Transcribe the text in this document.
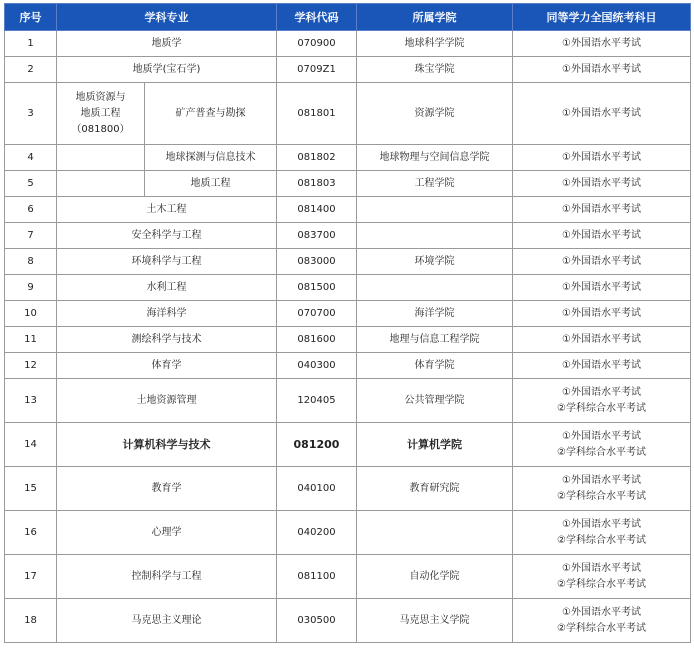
序号	学科专业		学科代码	所属学院	同等学力全国统考科目
1	地质学		070900	地球科学学院	①外国语水平考试
2	地质学(宝石学)		0709Z1	珠宝学院	①外国语水平考试
3	地质资源与
地质工程
（081800）	矿产普查与勘探	081801	资源学院	①外国语水平考试
4		地球探测与信息技术	081802	地球物理与空间信息学院	①外国语水平考试
5		地质工程	081803	工程学院	①外国语水平考试
6	土木工程		081400		①外国语水平考试
7	安全科学与工程		083700		①外国语水平考试
8	环境科学与工程		083000	环境学院	①外国语水平考试
9	水利工程		081500		①外国语水平考试
10	海洋科学		070700	海洋学院	①外国语水平考试
11	测绘科学与技术		081600	地理与信息工程学院	①外国语水平考试
12	体育学		040300	体育学院	①外国语水平考试
13	土地资源管理		120405	公共管理学院	①外国语水平考试
②学科综合水平考试

14	计算机科学与技术		081200	计算机学院	①外国语水平考试
②学科综合水平考试

15	教育学		040100	教育研究院	①外国语水平考试
②学科综合水平考试

16	心理学		040200		①外国语水平考试
②学科综合水平考试

17	控制科学与工程		081100	自动化学院	①外国语水平考试
②学科综合水平考试

18	马克思主义理论		030500	马克思主义学院	①外国语水平考试
②学科综合水平考试
